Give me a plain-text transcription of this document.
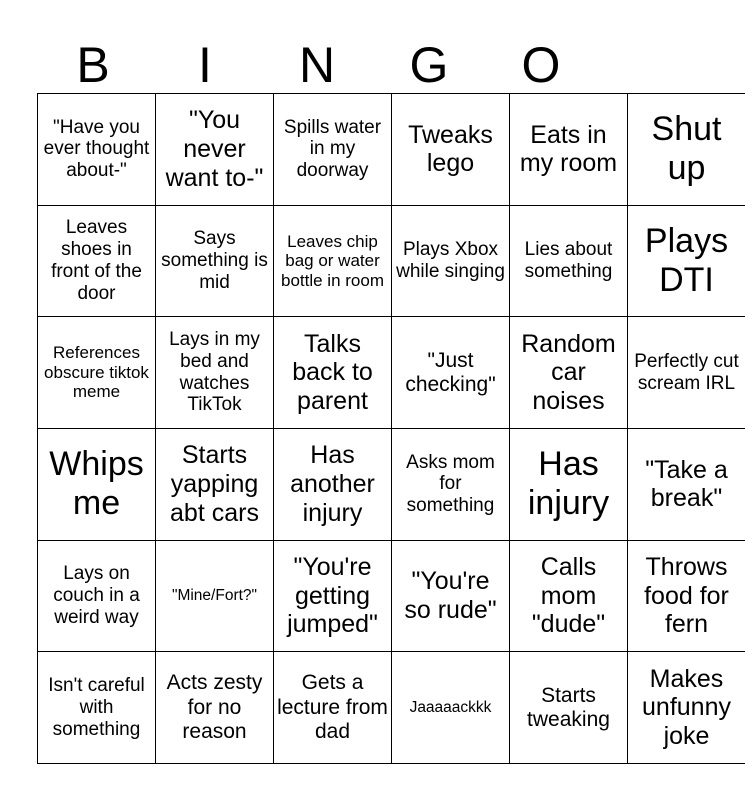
B	I	N	G	O
"Have you ever thought about-"	"You never want to-"	Spills water in my doorway	Tweaks lego	Eats in my room	Shut up
Leaves shoes in front of the door	Says something is mid	Leaves chip bag or water bottle in room	Plays Xbox while singing	Lies about something	Plays DTI
References obscure tiktok meme	Lays in my bed and watches TikTok	Talks back to parent	"Just checking"	Random car noises	Perfectly cut scream IRL
Whips me	Starts yapping abt cars	Has another injury	Asks mom for something	Has injury	"Take a break"
Lays on couch in a weird way	"Mine/Fort?"	"You're getting jumped"	"You're so rude"	Calls mom "dude"	Throws food for fern
Isn't careful with something	Acts zesty for no reason	Gets a lecture from dad	Jaaaaackkk	Starts tweaking	Makes unfunny joke
